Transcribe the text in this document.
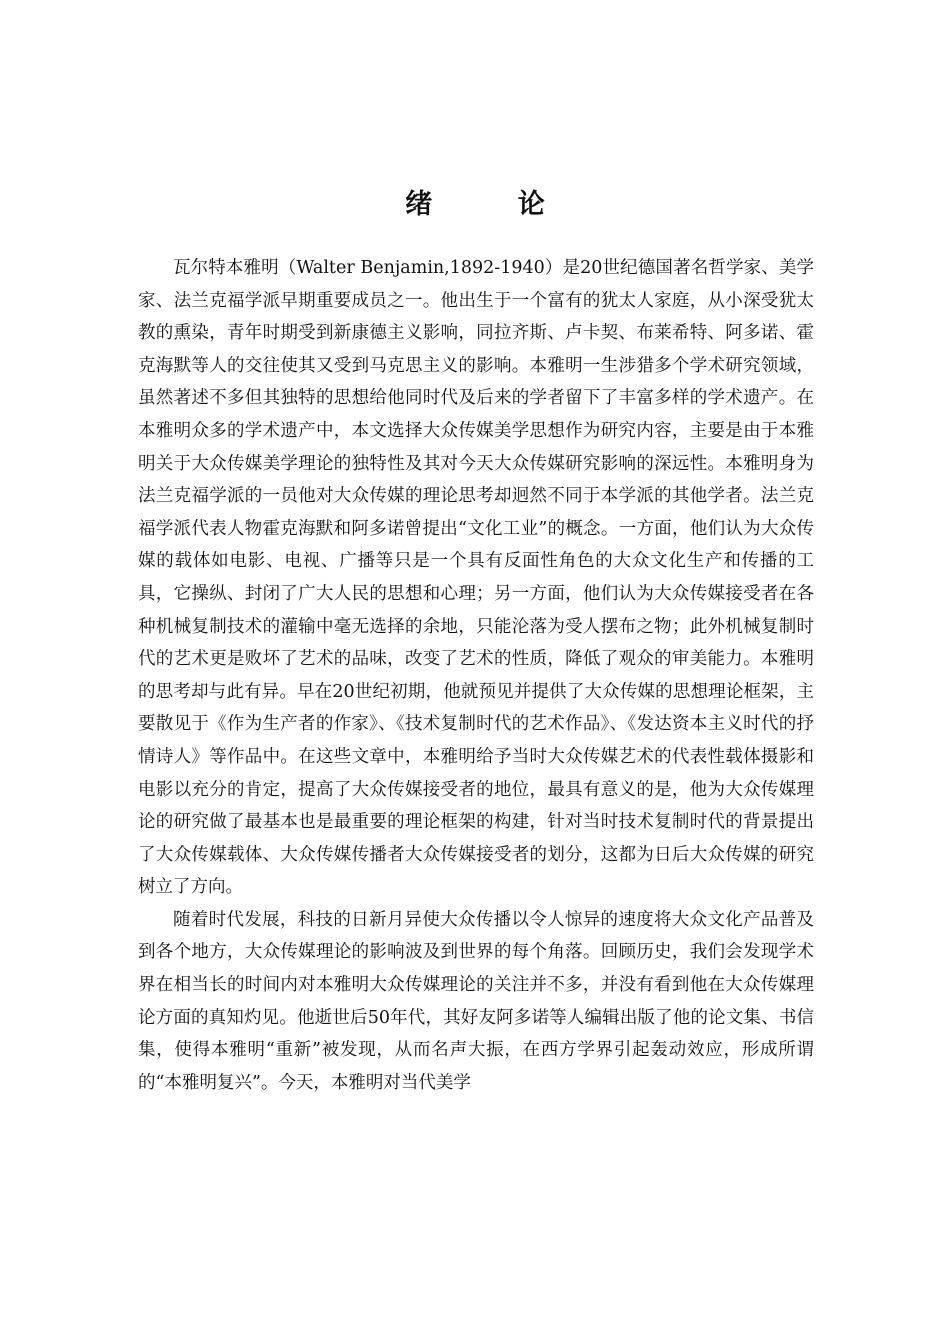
绪 论

瓦尔特本雅明（Walter Benjamin,1892-1940）是20世纪德国著名哲学家、美学家、法兰克福学派早期重要成员之一。他出生于一个富有的犹太人家庭，从小深受犹太教的熏染，青年时期受到新康德主义影响，同拉齐斯、卢卡契、布莱希特、阿多诺、霍克海默等人的交往使其又受到马克思主义的影响。本雅明一生涉猎多个学术研究领域，虽然著述不多但其独特的思想给他同时代及后来的学者留下了丰富多样的学术遗产。在本雅明众多的学术遗产中，本文选择大众传媒美学思想作为研究内容，主要是由于本雅明关于大众传媒美学理论的独特性及其对今天大众传媒研究影响的深远性。本雅明身为法兰克福学派的一员他对大众传媒的理论思考却迥然不同于本学派的其他学者。法兰克福学派代表人物霍克海默和阿多诺曾提出“文化工业”的概念。一方面，他们认为大众传媒的载体如电影、电视、广播等只是一个具有反面性角色的大众文化生产和传播的工具，它操纵、封闭了广大人民的思想和心理；另一方面，他们认为大众传媒接受者在各种机械复制技术的灌输中毫无选择的余地，只能沦落为受人摆布之物；此外机械复制时代的艺术更是败坏了艺术的品味，改变了艺术的性质，降低了观众的审美能力。本雅明的思考却与此有异。早在20世纪初期，他就预见并提供了大众传媒的思想理论框架，主要散见于《作为生产者的作家》、《技术复制时代的艺术作品》、《发达资本主义时代的抒情诗人》等作品中。在这些文章中，本雅明给予当时大众传媒艺术的代表性载体摄影和电影以充分的肯定，提高了大众传媒接受者的地位，最具有意义的是，他为大众传媒理论的研究做了最基本也是最重要的理论框架的构建，针对当时技术复制时代的背景提出了大众传媒载体、大众传媒传播者大众传媒接受者的划分，这都为日后大众传媒的研究树立了方向。

随着时代发展，科技的日新月异使大众传播以令人惊异的速度将大众文化产品普及到各个地方，大众传媒理论的影响波及到世界的每个角落。回顾历史，我们会发现学术界在相当长的时间内对本雅明大众传媒理论的关注并不多，并没有看到他在大众传媒理论方面的真知灼见。他逝世后50年代，其好友阿多诺等人编辑出版了他的论文集、书信集，使得本雅明“重新”被发现，从而名声大振，在西方学界引起轰动效应，形成所谓的“本雅明复兴”。今天，本雅明对当代美学
